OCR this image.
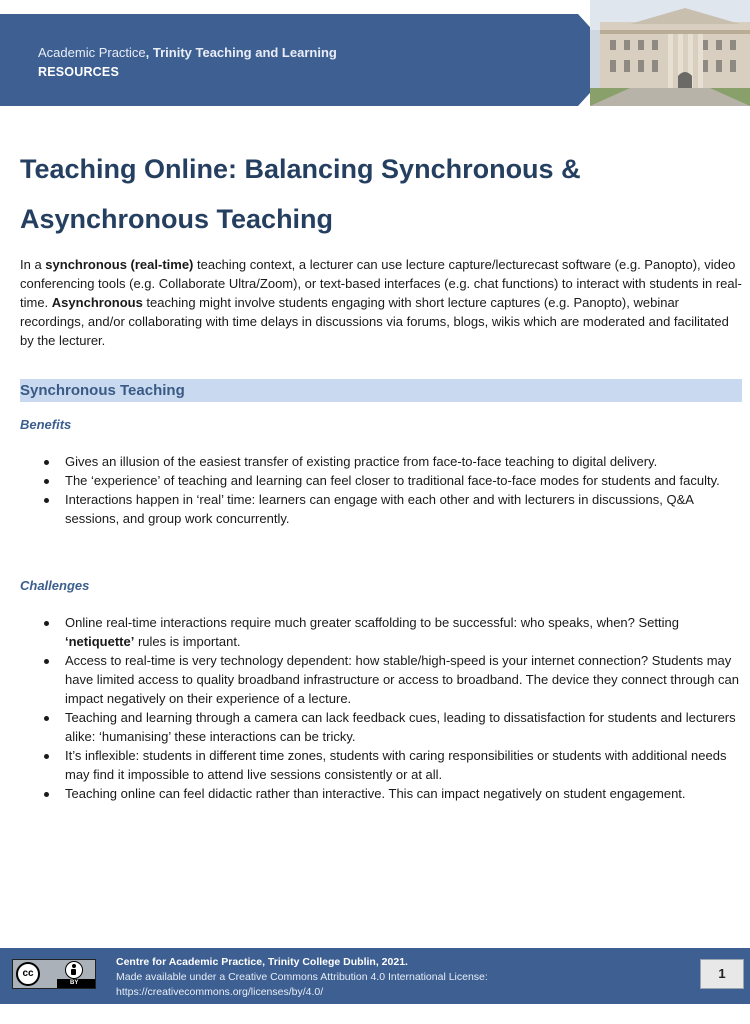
Academic Practice, Trinity Teaching and Learning
RESOURCES
Teaching Online: Balancing Synchronous & Asynchronous Teaching

In a synchronous (real-time) teaching context, a lecturer can use lecture capture/lecturecast software (e.g. Panopto), video conferencing tools (e.g. Collaborate Ultra/Zoom), or text-based interfaces (e.g. chat functions) to interact with students in real-time. Asynchronous teaching might involve students engaging with short lecture captures (e.g. Panopto), webinar recordings, and/or collaborating with time delays in discussions via forums, blogs, wikis which are moderated and facilitated by the lecturer.

Synchronous Teaching

Benefits

Gives an illusion of the easiest transfer of existing practice from face-to-face teaching to digital delivery.
The ‘experience’ of teaching and learning can feel closer to traditional face-to-face modes for students and faculty.
Interactions happen in ‘real’ time: learners can engage with each other and with lecturers in discussions, Q&A sessions, and group work concurrently.

Challenges

Online real-time interactions require much greater scaffolding to be successful: who speaks, when? Setting ‘netiquette’ rules is important.
Access to real-time is very technology dependent: how stable/high-speed is your internet connection? Students may have limited access to quality broadband infrastructure or access to broadband. The device they connect through can impact negatively on their experience of a lecture.
Teaching and learning through a camera can lack feedback cues, leading to dissatisfaction for students and lecturers alike: ‘humanising’ these interactions can be tricky.
It’s inflexible: students in different time zones, students with caring responsibilities or students with additional needs may find it impossible to attend live sessions consistently or at all.
Teaching online can feel didactic rather than interactive. This can impact negatively on student engagement.
cc
BY
Centre for Academic Practice, Trinity College Dublin, 2021.
Made available under a Creative Commons Attribution 4.0 International License:
https://creativecommons.org/licenses/by/4.0/
1
